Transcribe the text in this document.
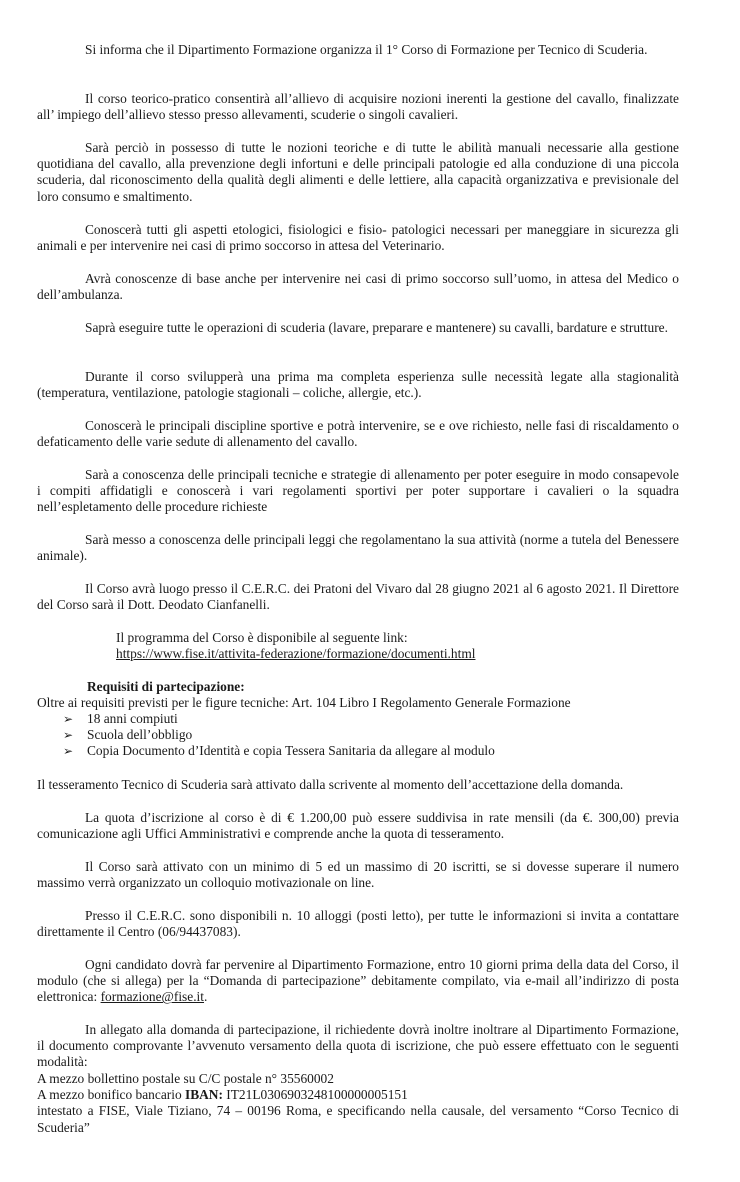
Si informa che il Dipartimento Formazione organizza il 1° Corso di Formazione per Tecnico di Scuderia.

Il corso teorico-pratico consentirà all’allievo di acquisire nozioni inerenti la gestione del cavallo, finalizzate all’ impiego dell’allievo stesso presso allevamenti, scuderie o singoli cavalieri.

Sarà perciò in possesso di tutte le nozioni teoriche e di tutte le abilità manuali necessarie alla gestione quotidiana del cavallo, alla prevenzione degli infortuni e delle principali patologie ed alla conduzione di una piccola scuderia, dal riconoscimento della qualità degli alimenti e delle lettiere, alla capacità organizzativa e previsionale del loro consumo e smaltimento.

Conoscerà tutti gli aspetti etologici, fisiologici e fisio- patologici necessari per maneggiare in sicurezza gli animali e per intervenire nei casi di primo soccorso in attesa del Veterinario.

Avrà conoscenze di base anche per intervenire nei casi di primo soccorso sull’uomo, in attesa del Medico o dell’ambulanza.

Saprà eseguire tutte le operazioni di scuderia (lavare, preparare e mantenere) su cavalli, bardature e strutture.

Durante il corso svilupperà una prima ma completa esperienza sulle necessità legate alla stagionalità (temperatura, ventilazione, patologie stagionali – coliche, allergie, etc.).

Conoscerà le principali discipline sportive e potrà intervenire, se e ove richiesto, nelle fasi di riscaldamento o defaticamento delle varie sedute di allenamento del cavallo.

Sarà a conoscenza delle principali tecniche e strategie di allenamento per poter eseguire in modo consapevole i compiti affidatigli e conoscerà i vari regolamenti sportivi per poter supportare i cavalieri o la squadra nell’espletamento delle procedure richieste

Sarà messo a conoscenza delle principali leggi che regolamentano la sua attività (norme a tutela del Benessere animale).

Il Corso avrà luogo presso il C.E.R.C. dei Pratoni del Vivaro dal 28 giugno 2021 al 6 agosto 2021. Il Direttore del Corso sarà il Dott. Deodato Cianfanelli.

Il programma del Corso è disponibile al seguente link:
https://www.fise.it/attivita-federazione/formazione/documenti.html

Requisiti di partecipazione:

Oltre ai requisiti previsti per le figure tecniche: Art. 104 Libro I Regolamento Generale Formazione

➢ 18 anni compiuti
➢ Scuola dell’obbligo
➢ Copia Documento d’Identità e copia Tessera Sanitaria da allegare al modulo

Il tesseramento Tecnico di Scuderia sarà attivato dalla scrivente al momento dell’accettazione della domanda.

La quota d’iscrizione al corso è di € 1.200,00 può essere suddivisa in rate mensili (da €. 300,00) previa comunicazione agli Uffici Amministrativi e comprende anche la quota di tesseramento.

Il Corso sarà attivato con un minimo di 5 ed un massimo di 20 iscritti, se si dovesse superare il numero massimo verrà organizzato un colloquio motivazionale on line.

Presso il C.E.R.C. sono disponibili n. 10 alloggi (posti letto), per tutte le informazioni si invita a contattare direttamente il Centro (06/94437083).

Ogni candidato dovrà far pervenire al Dipartimento Formazione, entro 10 giorni prima della data del Corso, il modulo (che si allega) per la “Domanda di partecipazione” debitamente compilato, via e-mail all’indirizzo di posta elettronica: formazione@fise.it.

In allegato alla domanda di partecipazione, il richiedente dovrà inoltre inoltrare al Dipartimento Formazione, il documento comprovante l’avvenuto versamento della quota di iscrizione, che può essere effettuato con le seguenti modalità:

A mezzo bollettino postale su C/C postale n° 35560002
A mezzo bonifico bancario IBAN: IT21L0306903248100000005151
intestato a FISE, Viale Tiziano, 74 – 00196 Roma, e specificando nella causale, del versamento “Corso Tecnico di Scuderia”
